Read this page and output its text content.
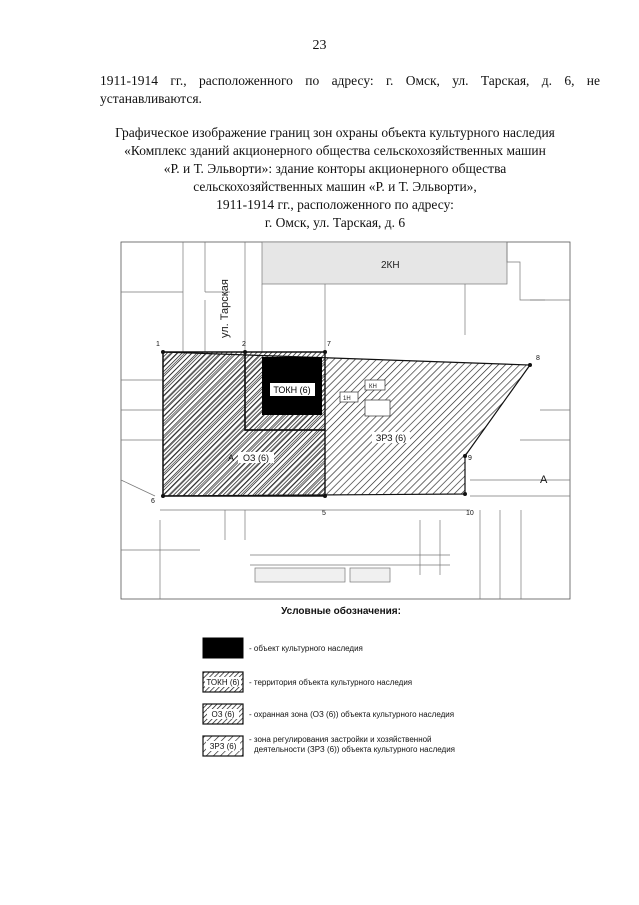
23
1911-1914 гг., расположенного по адресу: г. Омск, ул. Тарская, д. 6, не
устанавливаются.
Графическое изображение границ зон охраны объекта культурного наследия
«Комплекс зданий акционерного общества сельскохозяйственных машин
«Р. и Т. Эльворти»: здание конторы акционерного общества
сельскохозяйственных машин «Р. и Т. Эльворти»,
1911-1914 гг., расположенного по адресу:
г. Омск, ул. Тарская, д. 6
ул. Тарская
2КН
ТОКН (6)	КН
1Н
ОЗ (6)
ЗРЗ (6)
A
A
1	2	7
8
9
10
5
6
Условные обозначения:
- объект культурного наследия
ТОКН (6) - территория объекта культурного наследия
ОЗ (6) - охранная зона (ОЗ (6)) объекта культурного наследия
ЗРЗ (6)
- зона регулирования застройки и хозяйственной
деятельности (ЗРЗ (6)) объекта культурного наследия
